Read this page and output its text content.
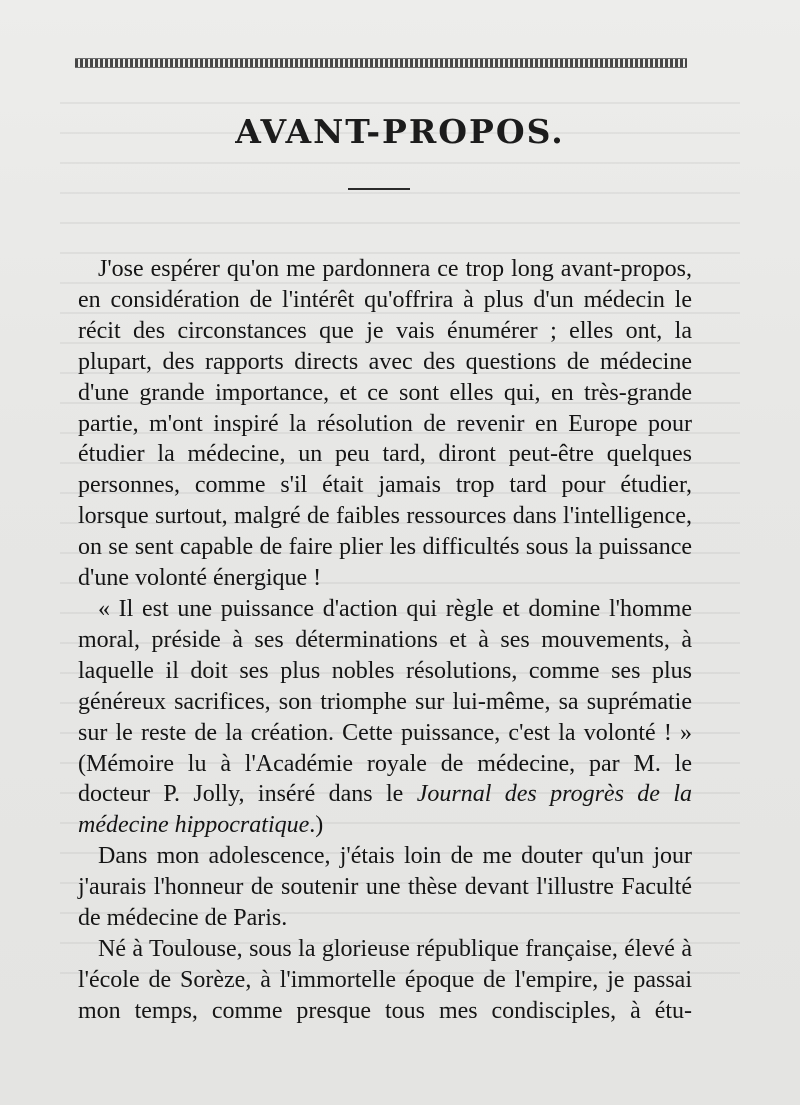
AVANT-PROPOS.

J'ose espérer qu'on me pardonnera ce trop long avant-propos, en considération de l'intérêt qu'offrira à plus d'un médecin le récit des circonstances que je vais énumérer ; elles ont, la plupart, des rapports directs avec des questions de médecine d'une grande importance, et ce sont elles qui, en très-grande partie, m'ont inspiré la résolution de revenir en Europe pour étudier la médecine, un peu tard, diront peut-être quelques personnes, comme s'il était jamais trop tard pour étudier, lorsque surtout, malgré de faibles ressources dans l'intelligence, on se sent capable de faire plier les difficultés sous la puissance d'une volonté énergique !

« Il est une puissance d'action qui règle et domine l'homme moral, préside à ses déterminations et à ses mouvements, à laquelle il doit ses plus nobles résolutions, comme ses plus généreux sacrifices, son triomphe sur lui-même, sa suprématie sur le reste de la création. Cette puissance, c'est la volonté ! » (Mémoire lu à l'Académie royale de médecine, par M. le docteur P. Jolly, inséré dans le Journal des progrès de la médecine hippocratique.)

Dans mon adolescence, j'étais loin de me douter qu'un jour j'aurais l'honneur de soutenir une thèse devant l'illustre Faculté de médecine de Paris.

Né à Toulouse, sous la glorieuse république française, élevé à l'école de Sorèze, à l'immortelle époque de l'empire, je passai mon temps, comme presque tous mes condisciples, à étu-
